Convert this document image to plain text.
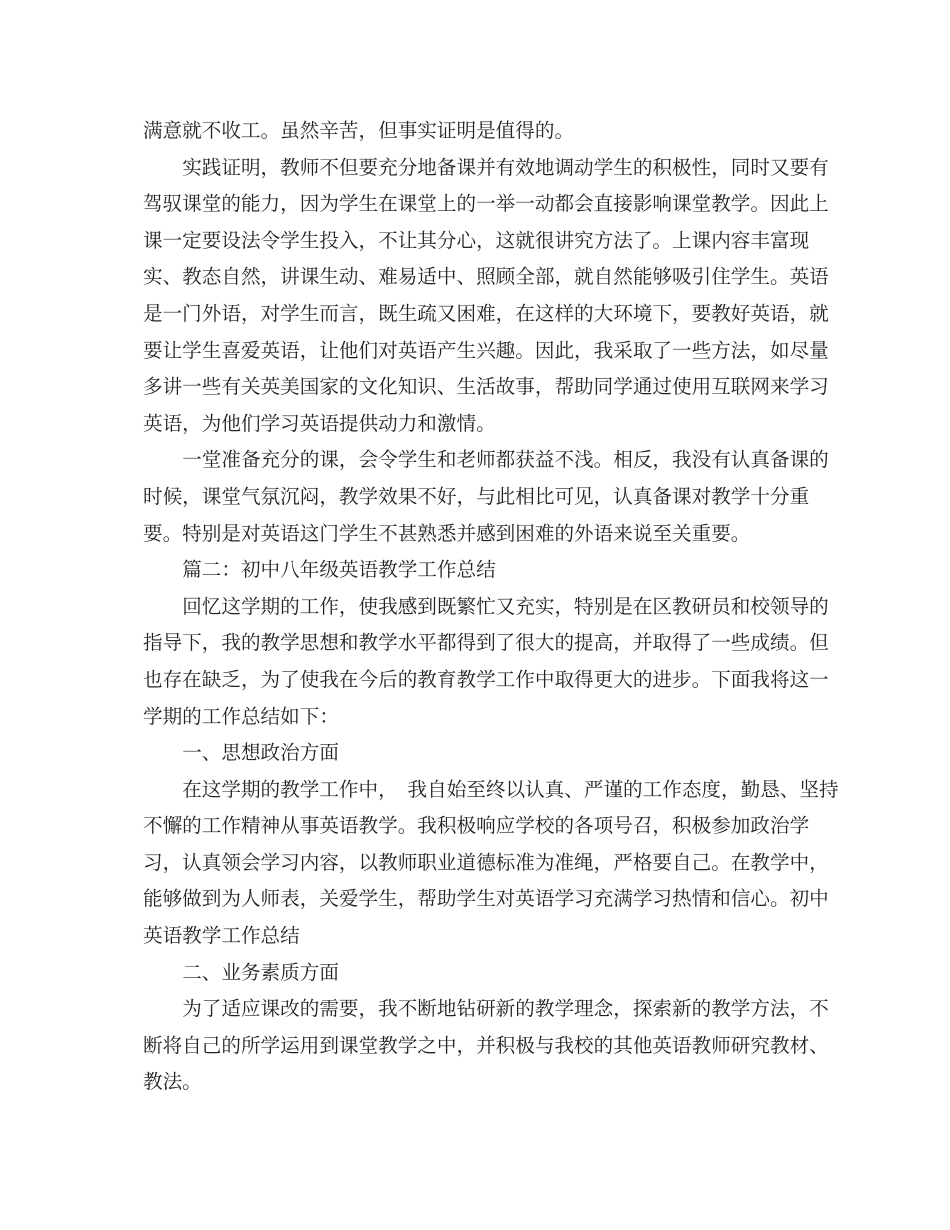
满意就不收工。虽然辛苦，但事实证明是值得的。
实践证明，教师不但要充分地备课并有效地调动学生的积极性，同时又要有
驾驭课堂的能力，因为学生在课堂上的一举一动都会直接影响课堂教学。因此上
课一定要设法令学生投入，不让其分心，这就很讲究方法了。上课内容丰富现
实、教态自然，讲课生动、难易适中、照顾全部，就自然能够吸引住学生。英语
是一门外语，对学生而言，既生疏又困难，在这样的大环境下，要教好英语，就
要让学生喜爱英语，让他们对英语产生兴趣。因此，我采取了一些方法，如尽量
多讲一些有关英美国家的文化知识、生活故事，帮助同学通过使用互联网来学习
英语，为他们学习英语提供动力和激情。
一堂准备充分的课，会令学生和老师都获益不浅。相反，我没有认真备课的
时候，课堂气氛沉闷，教学效果不好，与此相比可见，认真备课对教学十分重
要。特别是对英语这门学生不甚熟悉并感到困难的外语来说至关重要。
篇二：初中八年级英语教学工作总结
回忆这学期的工作，使我感到既繁忙又充实，特别是在区教研员和校领导的
指导下，我的教学思想和教学水平都得到了很大的提高，并取得了一些成绩。但
也存在缺乏，为了使我在今后的教育教学工作中取得更大的进步。下面我将这一
学期的工作总结如下：
一、思想政治方面
在这学期的教学工作中，　我自始至终以认真、严谨的工作态度，勤恳、坚持
不懈的工作精神从事英语教学。我积极响应学校的各项号召，积极参加政治学
习，认真领会学习内容，以教师职业道德标准为准绳，严格要自己。在教学中，
能够做到为人师表，关爱学生，帮助学生对英语学习充满学习热情和信心。初中
英语教学工作总结
二、业务素质方面
为了适应课改的需要，我不断地钻研新的教学理念，探索新的教学方法，不
断将自己的所学运用到课堂教学之中，并积极与我校的其他英语教师研究教材、
教法。
